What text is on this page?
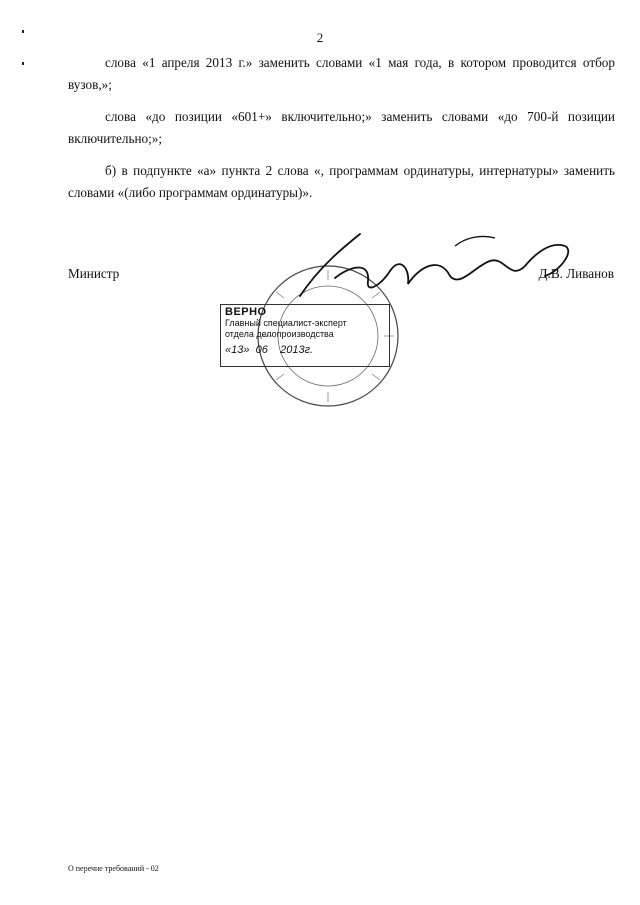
2

слова «1 апреля 2013 г.» заменить словами «1 мая года, в котором проводится отбор вузов,»;

слова «до позиции «601+» включительно;» заменить словами «до 700-й позиции включительно;»;

б) в подпункте «а» пункта 2 слова «, программам ординатуры, интернатуры» заменить словами «(либо программам ординатуры)».

ВЕРНО
Главный специалист-эксперт
отдела делопроизводства
«13»  06 2013г.
Министр	Д.В. Ливанов
О перечне требований - 02
